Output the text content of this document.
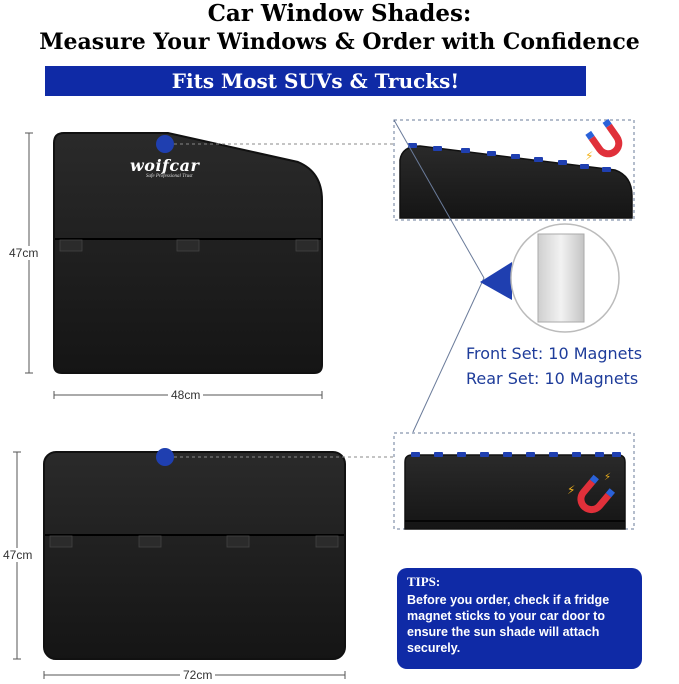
Car Window Shades:
Measure Your Windows & Order with Confidence
Fits Most SUVs & Trucks!
⚡
⚡
⚡
woifcar
Safe Professional Trust
47cm
48cm
47cm
72cm
Front Set: 10 Magnets
Rear Set: 10 Magnets
TIPS:
Before you order, check if a fridge magnet sticks to your car door to ensure the sun shade will attach securely.
